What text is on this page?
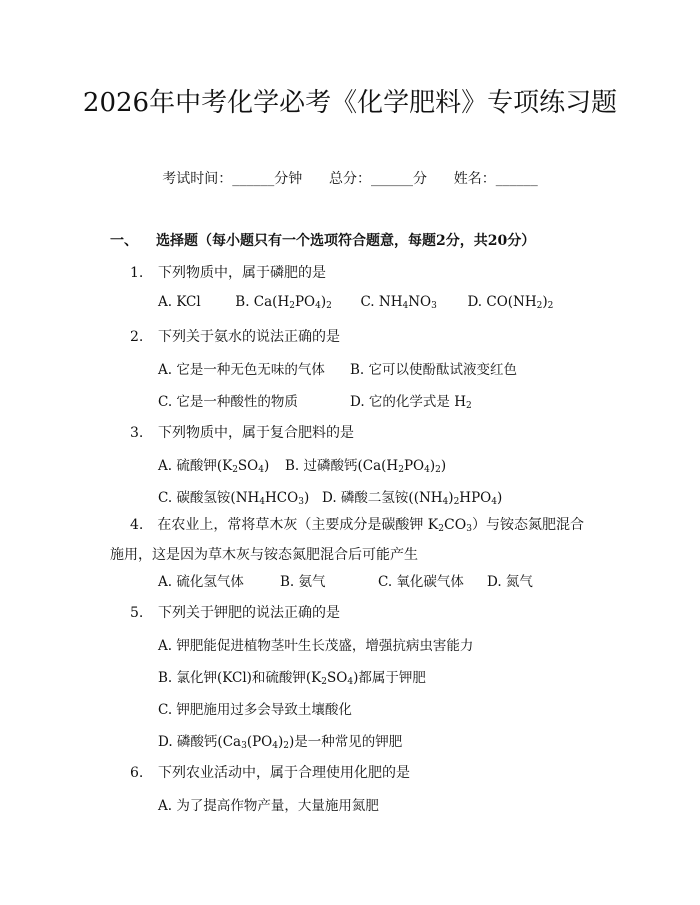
2026年中考化学必考《化学肥料》专项练习题
考试时间：______分钟 总分：______分 姓名：______
一、 选择题（每小题只有一个选项符合题意，每题2分，共20分）
1. 下列物质中，属于磷肥的是
A. KCl	B. $Ca(H_2PO_4)_2$ C. $NH_4NO_3$ D. $CO(NH_2)_2$
2. 下列关于氨水的说法正确的是
A. 它是一种无色无味的气体 B. 它可以使酚酞试液变红色
C. 它是一种酸性的物质	D. 它的化学式是 $H_2$
3. 下列物质中，属于复合肥料的是
A. 硫酸钾$(K_2SO_4)$ B. 过磷酸钙$(Ca(H_2PO_4)_2)$
C. 碳酸氢铵$(NH_4HCO_3)$ D. 磷酸二氢铵$((NH_4)_2HPO_4)$
4. 在农业上，常将草木灰（主要成分是碳酸钾 $K_2CO_3$）与铵态氮肥混合施用，这是因为草木灰与铵态氮肥混合后可能产生
A. 硫化氢气体	B. 氨气	C. 氧化碳气体 D. 氮气
5. 下列关于钾肥的说法正确的是
A. 钾肥能促进植物茎叶生长茂盛，增强抗病虫害能力
B. 氯化钾(KCl)和硫酸钾$(K_2SO_4)$都属于钾肥
C. 钾肥施用过多会导致土壤酸化
D. 磷酸钙$(Ca_3(PO_4)_2)$是一种常见的钾肥
6. 下列农业活动中，属于合理使用化肥的是
A. 为了提高作物产量，大量施用氮肥
